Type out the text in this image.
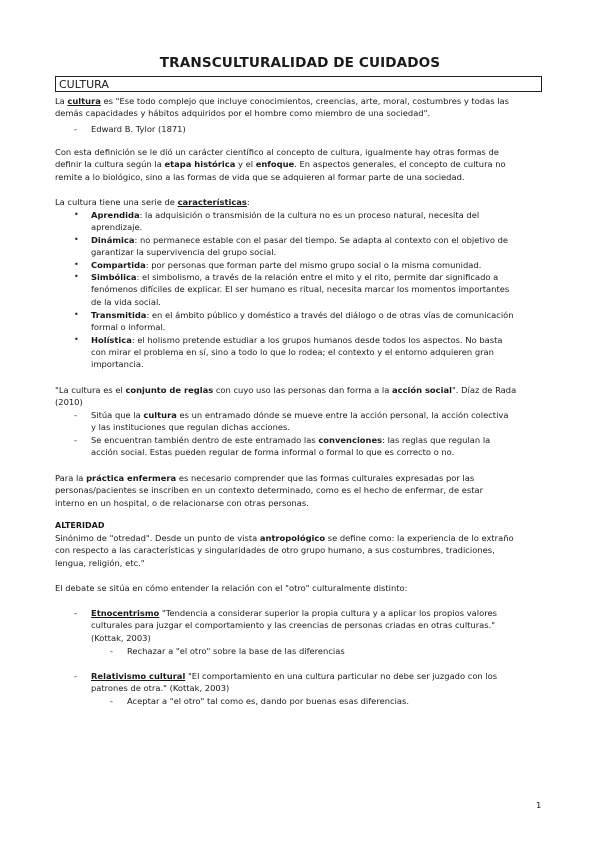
TRANSCULTURALIDAD DE CUIDADOS
CULTURA
La cultura es "Ese todo complejo que incluye conocimientos, creencias, arte, moral, costumbres y todas las
demás capacidades y hábitos adquiridos por el hombre como miembro de una sociedad".
- Edward B. Tylor (1871)
Con esta definición se le dió un carácter científico al concepto de cultura, igualmente hay otras formas de
definir la cultura según la etapa histórica y el enfoque. En aspectos generales, el concepto de cultura no
remite a lo biológico, sino a las formas de vida que se adquieren al formar parte de una sociedad.
La cultura tiene una serie de características:
• Aprendida: la adquisición o transmisión de la cultura no es un proceso natural, necesita del
aprendizaje.
• Dinámica: no permanece estable con el pasar del tiempo. Se adapta al contexto con el objetivo de
garantizar la supervivencia del grupo social.
• Compartida: por personas que forman parte del mismo grupo social o la misma comunidad.
• Simbólica: el simbolismo, a través de la relación entre el mito y el rito, permite dar significado a
fenómenos difíciles de explicar. El ser humano es ritual, necesita marcar los momentos importantes
de la vida social.
• Transmitida: en el ámbito público y doméstico a través del diálogo o de otras vías de comunicación
formal o informal.
• Holística: el holismo pretende estudiar a los grupos humanos desde todos los aspectos. No basta
con mirar el problema en sí, sino a todo lo que lo rodea; el contexto y el entorno adquieren gran
importancia.
"La cultura es el conjunto de reglas con cuyo uso las personas dan forma a la acción social". Díaz de Rada
(2010)
- Sitúa que la cultura es un entramado dónde se mueve entre la acción personal, la acción colectiva
y las instituciones que regulan dichas acciones.
- Se encuentran también dentro de este entramado las convenciones: las reglas que regulan la
acción social. Estas pueden regular de forma informal o formal lo que es correcto o no.
Para la práctica enfermera es necesario comprender que las formas culturales expresadas por las
personas/pacientes se inscriben en un contexto determinado, como es el hecho de enfermar, de estar
interno en un hospital, o de relacionarse con otras personas.
ALTERIDAD
Sinónimo de "otredad". Desde un punto de vista antropológico se define como: la experiencia de lo extraño
con respecto a las características y singularidades de otro grupo humano, a sus costumbres, tradiciones,
lengua, religión, etc."
El debate se sitúa en cómo entender la relación con el "otro" culturalmente distinto:
- Etnocentrismo "Tendencia a considerar superior la propia cultura y a aplicar los propios valores
culturales para juzgar el comportamiento y las creencias de personas criadas en otras culturas."
(Kottak, 2003)
- Rechazar a "el otro" sobre la base de las diferencias
- Relativismo cultural "El comportamiento en una cultura particular no debe ser juzgado con los
patrones de otra." (Kottak, 2003)
- Aceptar a "el otro" tal como es, dando por buenas esas diferencias.
1
